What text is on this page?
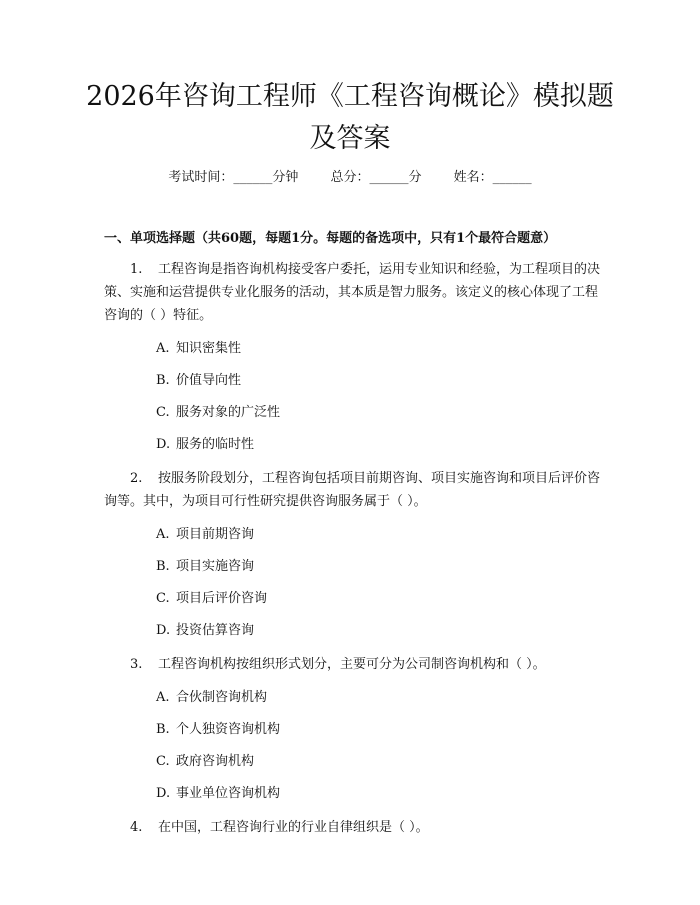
2026年咨询工程师《工程咨询概论》模拟题
及答案
考试时间：______分钟 总分：______分 姓名：______
一、单项选择题（共60题，每题1分。每题的备选项中，只有1个最符合题意）

1. 工程咨询是指咨询机构接受客户委托，运用专业知识和经验，为工程项目的决策、实施和运营提供专业化服务的活动，其本质是智力服务。该定义的核心体现了工程咨询的（ ）特征。

A. 知识密集性
B. 价值导向性
C. 服务对象的广泛性
D. 服务的临时性

2. 按服务阶段划分，工程咨询包括项目前期咨询、项目实施咨询和项目后评价咨询等。其中，为项目可行性研究提供咨询服务属于（ ）。

A. 项目前期咨询
B. 项目实施咨询
C. 项目后评价咨询
D. 投资估算咨询

3. 工程咨询机构按组织形式划分，主要可分为公司制咨询机构和（ ）。

A. 合伙制咨询机构
B. 个人独资咨询机构
C. 政府咨询机构
D. 事业单位咨询机构

4. 在中国，工程咨询行业的行业自律组织是（ ）。
